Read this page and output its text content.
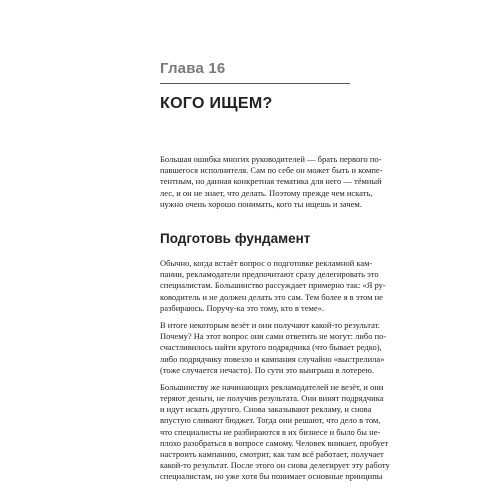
Глава 16
КОГО ИЩЕМ?
Большая ошибка многих руководителей — брать первого по-
павшегося исполнителя. Сам по себе он может быть и компе-
тентным, но данная конкретная тематика для него — тёмный
лес, и он не знает, что делать. Поэтому прежде чем искать,
нужно очень хорошо понимать, кого ты ищешь и зачем.
Подготовь фундамент
Обычно, когда встаёт вопрос о подготовке рекламной кам-
пании, рекламодатели предпочитают сразу делегировать это
специалистам. Большинство рассуждает примерно так: «Я ру-
ководитель и не должен делать это сам. Тем более я в этом не
разбираюсь. Поручу-ка это тому, кто в теме».
В итоге некоторым везёт и они получают какой-то результат.
Почему? На этот вопрос они сами ответить не могут: либо по-
счастливилось найти крутого подрядчика (что бывает редко),
либо подрядчику повезло и кампания случайно «выстрелила»
(тоже случается нечасто). По сути это выигрыш в лотерею.
Большинству же начинающих рекламодателей не везёт, и они
теряют деньги, не получив результата. Они винят подрядчика
и идут искать другого. Снова заказывают рекламу, и снова
впустую сливают бюджет. Тогда они решают, что дело в том,
что специалисты не разбираются в их бизнесе и было бы не-
плохо разобраться в вопросе самому. Человек вникает, пробует
настроить кампанию, смотрит, как там всё работает, получает
какой-то результат. После этого он снова делегирует эту работу
специалистам, но уже хотя бы понимает основные принципы
